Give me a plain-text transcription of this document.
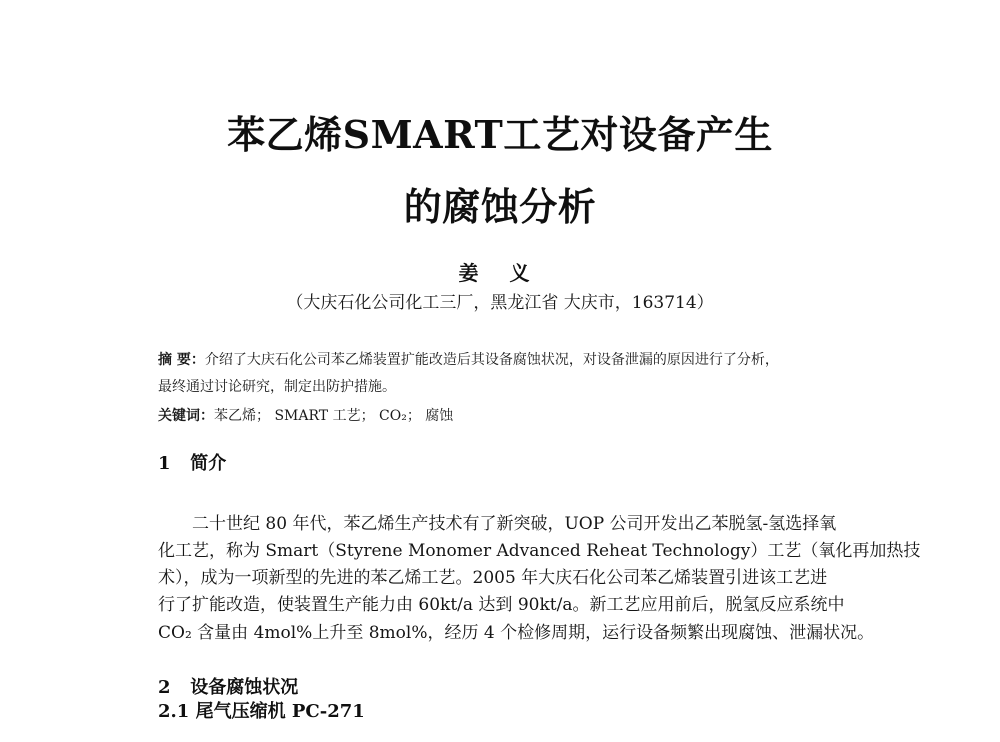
苯乙烯SMART工艺对设备产生
的腐蚀分析
姜 义
（大庆石化公司化工三厂，黑龙江省 大庆市，163714）
摘 要：介绍了大庆石化公司苯乙烯装置扩能改造后其设备腐蚀状况，对设备泄漏的原因进行了分析，
最终通过讨论研究，制定出防护措施。
关键词：苯乙烯； SMART 工艺； CO₂； 腐蚀
1 简介
二十世纪 80 年代，苯乙烯生产技术有了新突破，UOP 公司开发出乙苯脱氢-氢选择氧
化工艺，称为 Smart（Styrene Monomer Advanced Reheat Technology）工艺（氧化再加热技
术），成为一项新型的先进的苯乙烯工艺。2005 年大庆石化公司苯乙烯装置引进该工艺进
行了扩能改造，使装置生产能力由 60kt/a 达到 90kt/a。新工艺应用前后，脱氢反应系统中
CO₂ 含量由 4mol%上升至 8mol%，经历 4 个检修周期，运行设备频繁出现腐蚀、泄漏状况。
2 设备腐蚀状况
2.1 尾气压缩机 PC-271
